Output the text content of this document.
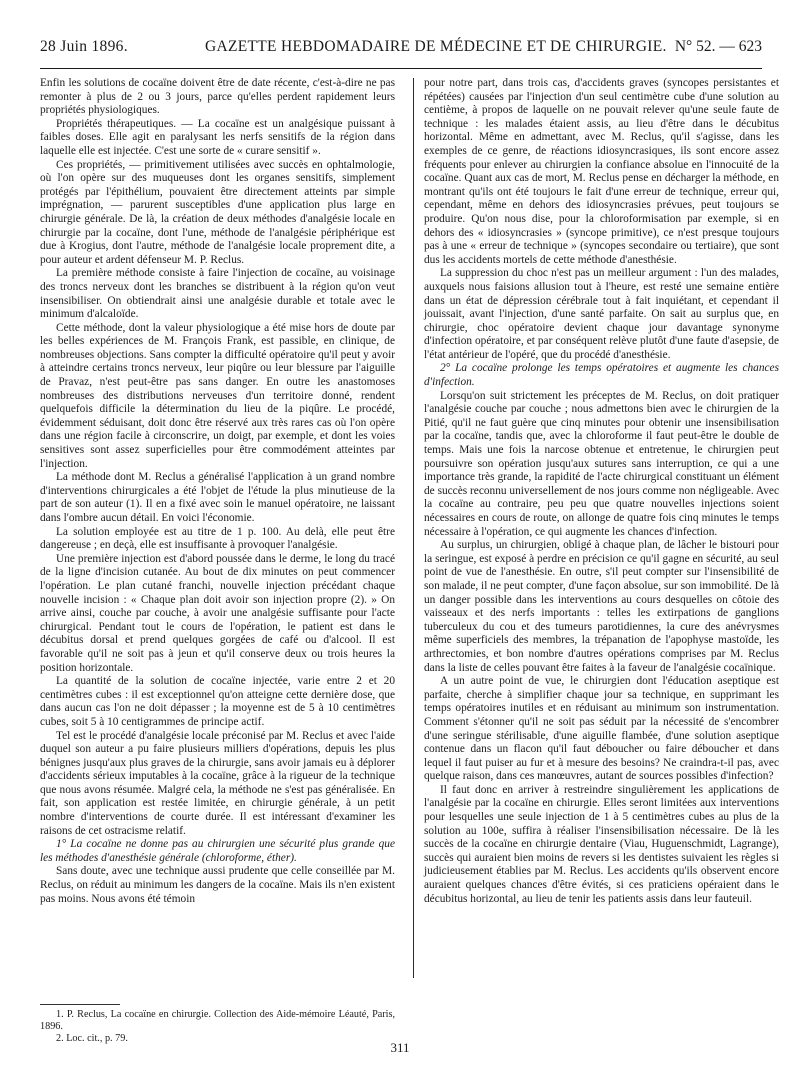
28 Juin 1896.	GAZETTE HEBDOMADAIRE DE MÉDECINE ET DE CHIRURGIE. N° 52. — 623

Enfin les solutions de cocaïne doivent être de date récente, c'est-à-dire ne pas remonter à plus de 2 ou 3 jours, parce qu'elles perdent rapidement leurs propriétés physiologiques.

Propriétés thérapeutiques. — La cocaïne est un analgésique puissant à faibles doses. Elle agit en paralysant les nerfs sensitifs de la région dans laquelle elle est injectée. C'est une sorte de « curare sensitif ».

Ces propriétés, — primitivement utilisées avec succès en ophtalmologie, où l'on opère sur des muqueuses dont les organes sensitifs, simplement protégés par l'épithélium, pouvaient être directement atteints par simple imprégnation, — parurent susceptibles d'une application plus large en chirurgie générale. De là, la création de deux méthodes d'analgésie locale en chirurgie par la cocaïne, dont l'une, méthode de l'analgésie périphérique est due à Krogius, dont l'autre, méthode de l'analgésie locale proprement dite, a pour auteur et ardent défenseur M. P. Reclus.

La première méthode consiste à faire l'injection de cocaïne, au voisinage des troncs nerveux dont les branches se distribuent à la région qu'on veut insensibiliser. On obtiendrait ainsi une analgésie durable et totale avec le minimum d'alcaloïde.

Cette méthode, dont la valeur physiologique a été mise hors de doute par les belles expériences de M. François Frank, est passible, en clinique, de nombreuses objections. Sans compter la difficulté opératoire qu'il peut y avoir à atteindre certains troncs nerveux, leur piqûre ou leur blessure par l'aiguille de Pravaz, n'est peut-être pas sans danger. En outre les anastomoses nombreuses des distributions nerveuses d'un territoire donné, rendent quelquefois difficile la détermination du lieu de la piqûre. Le procédé, évidemment séduisant, doit donc être réservé aux très rares cas où l'on opère dans une région facile à circonscrire, un doigt, par exemple, et dont les voies sensitives sont assez superficielles pour être commodément atteintes par l'injection.

La méthode dont M. Reclus a généralisé l'application à un grand nombre d'interventions chirurgicales a été l'objet de l'étude la plus minutieuse de la part de son auteur (1). Il en a fixé avec soin le manuel opératoire, ne laissant dans l'ombre aucun détail. En voici l'économie.

La solution employée est au titre de 1 p. 100. Au delà, elle peut être dangereuse ; en deçà, elle est insuffisante à provoquer l'analgésie.

Une première injection est d'abord poussée dans le derme, le long du tracé de la ligne d'incision cutanée. Au bout de dix minutes on peut commencer l'opération. Le plan cutané franchi, nouvelle injection précédant chaque nouvelle incision : « Chaque plan doit avoir son injection propre (2). » On arrive ainsi, couche par couche, à avoir une analgésie suffisante pour l'acte chirurgical. Pendant tout le cours de l'opération, le patient est dans le décubitus dorsal et prend quelques gorgées de café ou d'alcool. Il est favorable qu'il ne soit pas à jeun et qu'il conserve deux ou trois heures la position horizontale.

La quantité de la solution de cocaïne injectée, varie entre 2 et 20 centimètres cubes : il est exceptionnel qu'on atteigne cette dernière dose, que dans aucun cas l'on ne doit dépasser ; la moyenne est de 5 à 10 centimètres cubes, soit 5 à 10 centigrammes de principe actif.

Tel est le procédé d'analgésie locale préconisé par M. Reclus et avec l'aide duquel son auteur a pu faire plusieurs milliers d'opérations, depuis les plus bénignes jusqu'aux plus graves de la chirurgie, sans avoir jamais eu à déplorer d'accidents sérieux imputables à la cocaïne, grâce à la rigueur de la technique que nous avons résumée. Malgré cela, la méthode ne s'est pas généralisée. En fait, son application est restée limitée, en chirurgie générale, à un petit nombre d'interventions de courte durée. Il est intéressant d'examiner les raisons de cet ostracisme relatif.

1° La cocaïne ne donne pas au chirurgien une sécurité plus grande que les méthodes d'anesthésie générale (chloroforme, éther).

Sans doute, avec une technique aussi prudente que celle conseillée par M. Reclus, on réduit au minimum les dangers de la cocaïne. Mais ils n'en existent pas moins. Nous avons été témoin

pour notre part, dans trois cas, d'accidents graves (syncopes persistantes et répétées) causées par l'injection d'un seul centimètre cube d'une solution au centième, à propos de laquelle on ne pouvait relever qu'une seule faute de technique : les malades étaient assis, au lieu d'être dans le décubitus horizontal. Même en admettant, avec M. Reclus, qu'il s'agisse, dans les exemples de ce genre, de réactions idiosyncrasiques, ils sont encore assez fréquents pour enlever au chirurgien la confiance absolue en l'innocuité de la cocaïne. Quant aux cas de mort, M. Reclus pense en décharger la méthode, en montrant qu'ils ont été toujours le fait d'une erreur de technique, erreur qui, cependant, même en dehors des idiosyncrasies prévues, peut toujours se produire. Qu'on nous dise, pour la chloroformisation par exemple, si en dehors des « idiosyncrasies » (syncope primitive), ce n'est presque toujours pas à une « erreur de technique » (syncopes secondaire ou tertiaire), que sont dus les accidents mortels de cette méthode d'anesthésie.

La suppression du choc n'est pas un meilleur argument : l'un des malades, auxquels nous faisions allusion tout à l'heure, est resté une semaine entière dans un état de dépression cérébrale tout à fait inquiétant, et cependant il jouissait, avant l'injection, d'une santé parfaite. On sait au surplus que, en chirurgie, choc opératoire devient chaque jour davantage synonyme d'infection opératoire, et par conséquent relève plutôt d'une faute d'asepsie, de l'état antérieur de l'opéré, que du procédé d'anesthésie.

2° La cocaïne prolonge les temps opératoires et augmente les chances d'infection.

Lorsqu'on suit strictement les préceptes de M. Reclus, on doit pratiquer l'analgésie couche par couche ; nous admettons bien avec le chirurgien de la Pitié, qu'il ne faut guère que cinq minutes pour obtenir une insensibilisation par la cocaïne, tandis que, avec la chloroforme il faut peut-être le double de temps. Mais une fois la narcose obtenue et entretenue, le chirurgien peut poursuivre son opération jusqu'aux sutures sans interruption, ce qui a une importance très grande, la rapidité de l'acte chirurgical constituant un élément de succès reconnu universellement de nos jours comme non négligeable. Avec la cocaïne au contraire, peu peu que quatre nouvelles injections soient nécessaires en cours de route, on allonge de quatre fois cinq minutes le temps nécessaire à l'opération, ce qui augmente les chances d'infection.

Au surplus, un chirurgien, obligé à chaque plan, de lâcher le bistouri pour la seringue, est exposé à perdre en précision ce qu'il gagne en sécurité, au seul point de vue de l'anesthésie. En outre, s'il peut compter sur l'insensibilité de son malade, il ne peut compter, d'une façon absolue, sur son immobilité. De là un danger possible dans les interventions au cours desquelles on côtoie des vaisseaux et des nerfs importants : telles les extirpations de ganglions tuberculeux du cou et des tumeurs parotidiennes, la cure des anévrysmes même superficiels des membres, la trépanation de l'apophyse mastoïde, les arthrectomies, et bon nombre d'autres opérations comprises par M. Reclus dans la liste de celles pouvant être faites à la faveur de l'analgésie cocaïnique.

A un autre point de vue, le chirurgien dont l'éducation aseptique est parfaite, cherche à simplifier chaque jour sa technique, en supprimant les temps opératoires inutiles et en réduisant au minimum son instrumentation. Comment s'étonner qu'il ne soit pas séduit par la nécessité de s'encombrer d'une seringue stérilisable, d'une aiguille flambée, d'une solution aseptique contenue dans un flacon qu'il faut déboucher ou faire déboucher et dans lequel il faut puiser au fur et à mesure des besoins? Ne craindra-t-il pas, avec quelque raison, dans ces manœuvres, autant de sources possibles d'infection?

Il faut donc en arriver à restreindre singulièrement les applications de l'analgésie par la cocaïne en chirurgie. Elles seront limitées aux interventions pour lesquelles une seule injection de 1 à 5 centimètres cubes au plus de la solution au 100e, suffira à réaliser l'insensibilisation nécessaire. De là les succès de la cocaïne en chirurgie dentaire (Viau, Huguenschmidt, Lagrange), succès qui auraient bien moins de revers si les dentistes suivaient les règles si judicieusement établies par M. Reclus. Les accidents qu'ils observent encore auraient quelques chances d'être évités, si ces praticiens opéraient dans le décubitus horizontal, au lieu de tenir les patients assis dans leur fauteuil.

1. P. Reclus, La cocaïne en chirurgie. Collection des Aide-mémoire Léauté, Paris, 1896.

2. Loc. cit., p. 79.

311
